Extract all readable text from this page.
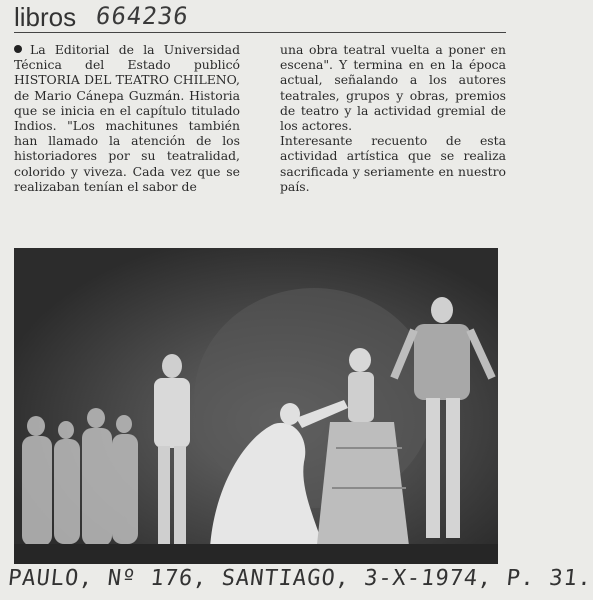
libros 664236

La Editorial de la Universidad Técnica del Estado publicó HISTORIA DEL TEATRO CHILENO, de Mario Cánepa Guzmán. Historia que se inicia en el capítulo titulado Indios. "Los machitunes también han llamado la atención de los historiadores por su teatralidad, colorido y viveza. Cada vez que se realizaban tenían el sabor de

una obra teatral vuelta a poner en escena". Y termina en en la época actual, señalando a los autores teatrales, grupos y obras, premios de teatro y la actividad gremial de los actores.

Interesante recuento de esta actividad artística que se realiza sacrificada y seriamente en nuestro país.

PAULO, Nº 176, SANTIAGO, 3-X-1974, P. 31.
